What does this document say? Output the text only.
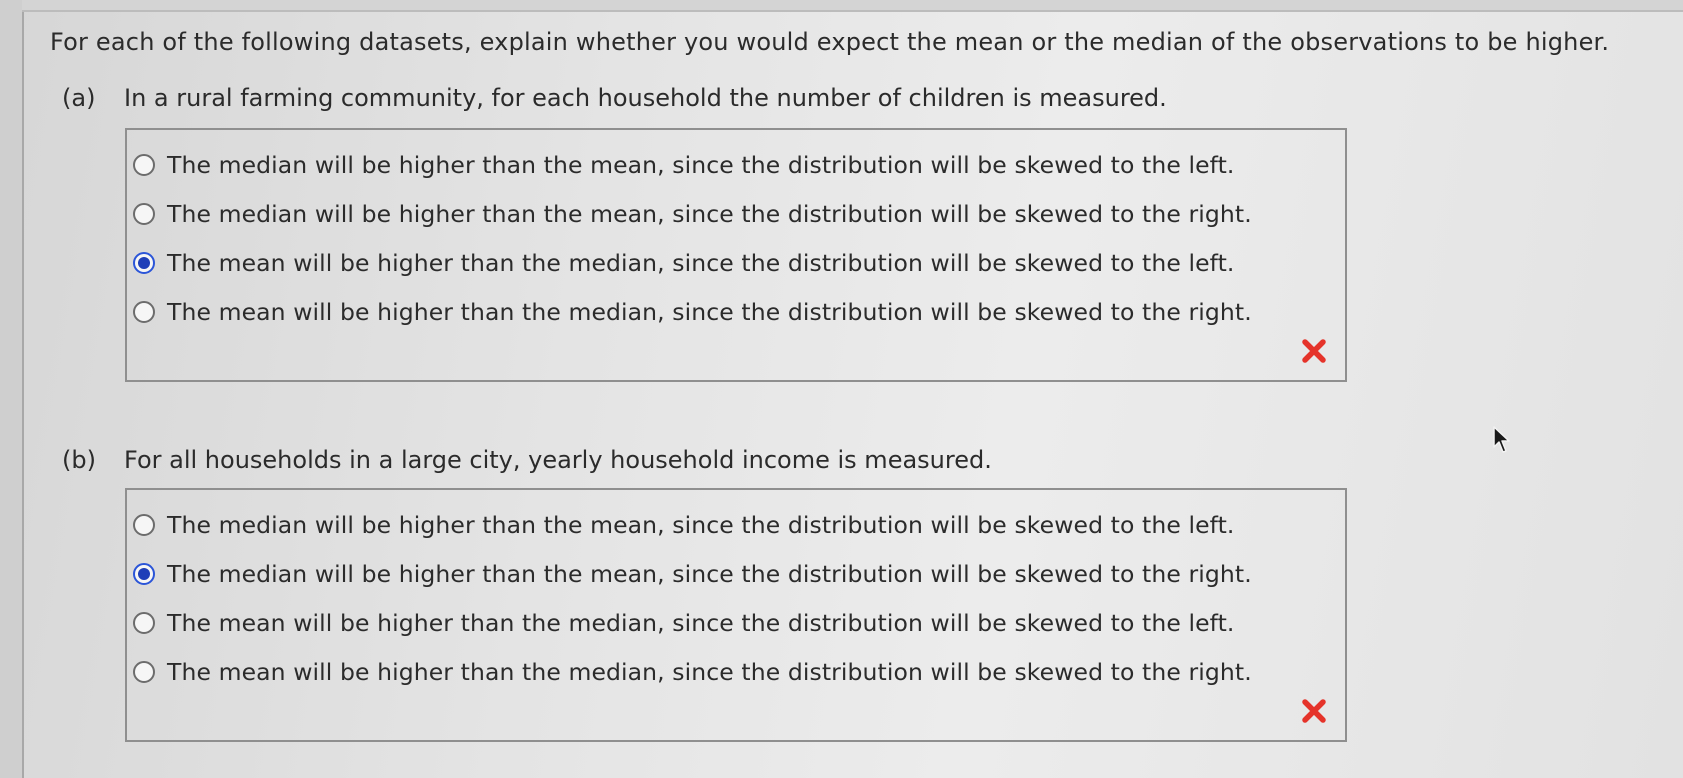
For each of the following datasets, explain whether you would expect the mean or the median of the observations to be higher.
(a) In a rural farming community, for each household the number of children is measured.
The median will be higher than the mean, since the distribution will be skewed to the left.
The median will be higher than the mean, since the distribution will be skewed to the right.
The mean will be higher than the median, since the distribution will be skewed to the left.
The mean will be higher than the median, since the distribution will be skewed to the right.
(b) For all households in a large city, yearly household income is measured.
The median will be higher than the mean, since the distribution will be skewed to the left.
The median will be higher than the mean, since the distribution will be skewed to the right.
The mean will be higher than the median, since the distribution will be skewed to the left.
The mean will be higher than the median, since the distribution will be skewed to the right.
